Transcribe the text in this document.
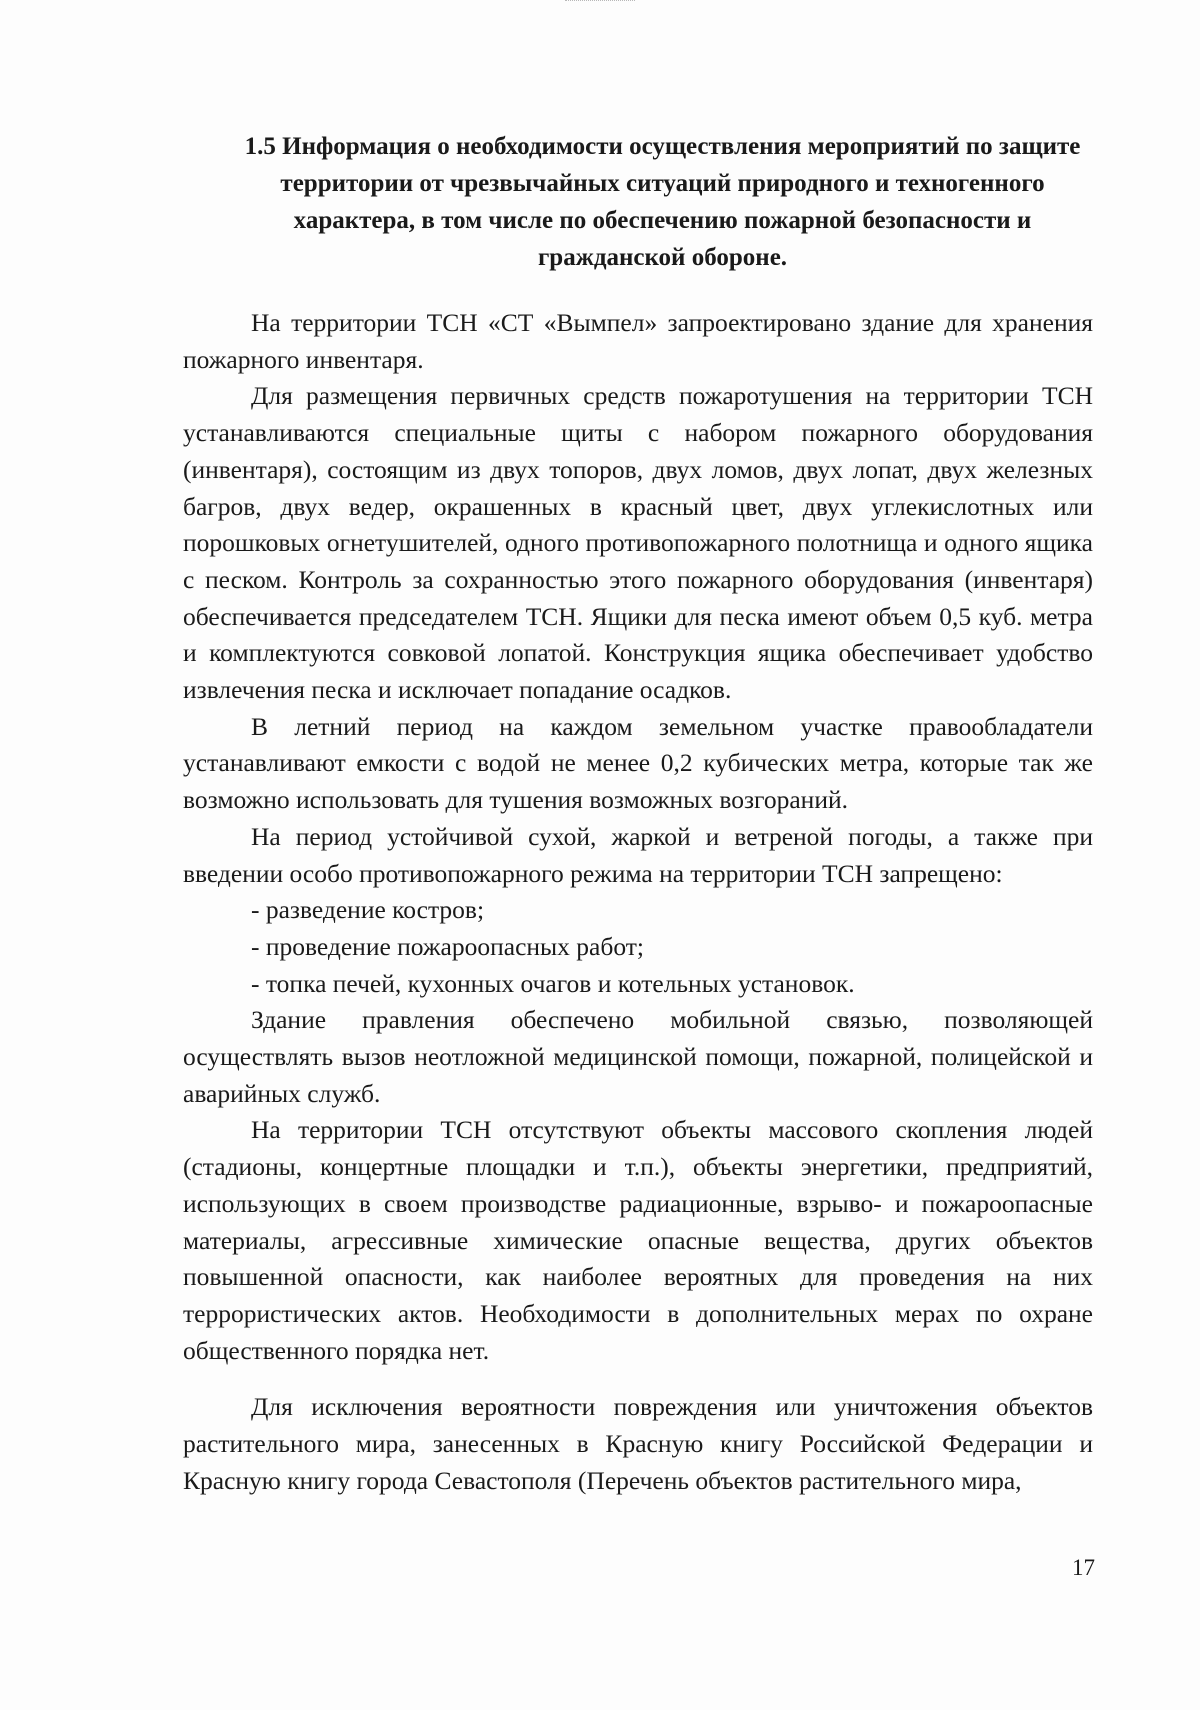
1.5 Информация о необходимости осуществления мероприятий по защите территории от чрезвычайных ситуаций природного и техногенного характера, в том числе по обеспечению пожарной безопасности и гражданской обороне.

На территории ТСН «СТ «Вымпел» запроектировано здание для хранения пожарного инвентаря.

Для размещения первичных средств пожаротушения на территории ТСН устанавливаются специальные щиты с набором пожарного оборудования (инвентаря), состоящим из двух топоров, двух ломов, двух лопат, двух железных багров, двух ведер, окрашенных в красный цвет, двух углекислотных или порошковых огнетушителей, одного противопожарного полотнища и одного ящика с песком. Контроль за сохранностью этого пожарного оборудования (инвентаря) обеспечивается председателем ТСН. Ящики для песка имеют объем 0,5 куб. метра и комплектуются совковой лопатой. Конструкция ящика обеспечивает удобство извлечения песка и исключает попадание осадков.

В летний период на каждом земельном участке правообладатели устанавливают емкости с водой не менее 0,2 кубических метра, которые так же возможно использовать для тушения возможных возгораний.

На период устойчивой сухой, жаркой и ветреной погоды, а также при введении особо противопожарного режима на территории ТСН запрещено:

- разведение костров;

- проведение пожароопасных работ;

- топка печей, кухонных очагов и котельных установок.

Здание правления обеспечено мобильной связью, позволяющей осуществлять вызов неотложной медицинской помощи, пожарной, полицейской и аварийных служб.

На территории ТСН отсутствуют объекты массового скопления людей (стадионы, концертные площадки и т.п.), объекты энергетики, предприятий, использующих в своем производстве радиационные, взрыво- и пожароопасные материалы, агрессивные химические опасные вещества, других объектов повышенной опасности, как наиболее вероятных для проведения на них террористических актов. Необходимости в дополнительных мерах по охране общественного порядка нет.

Для исключения вероятности повреждения или уничтожения объектов растительного мира, занесенных в Красную книгу Российской Федерации и Красную книгу города Севастополя (Перечень объектов растительного мира,

17
